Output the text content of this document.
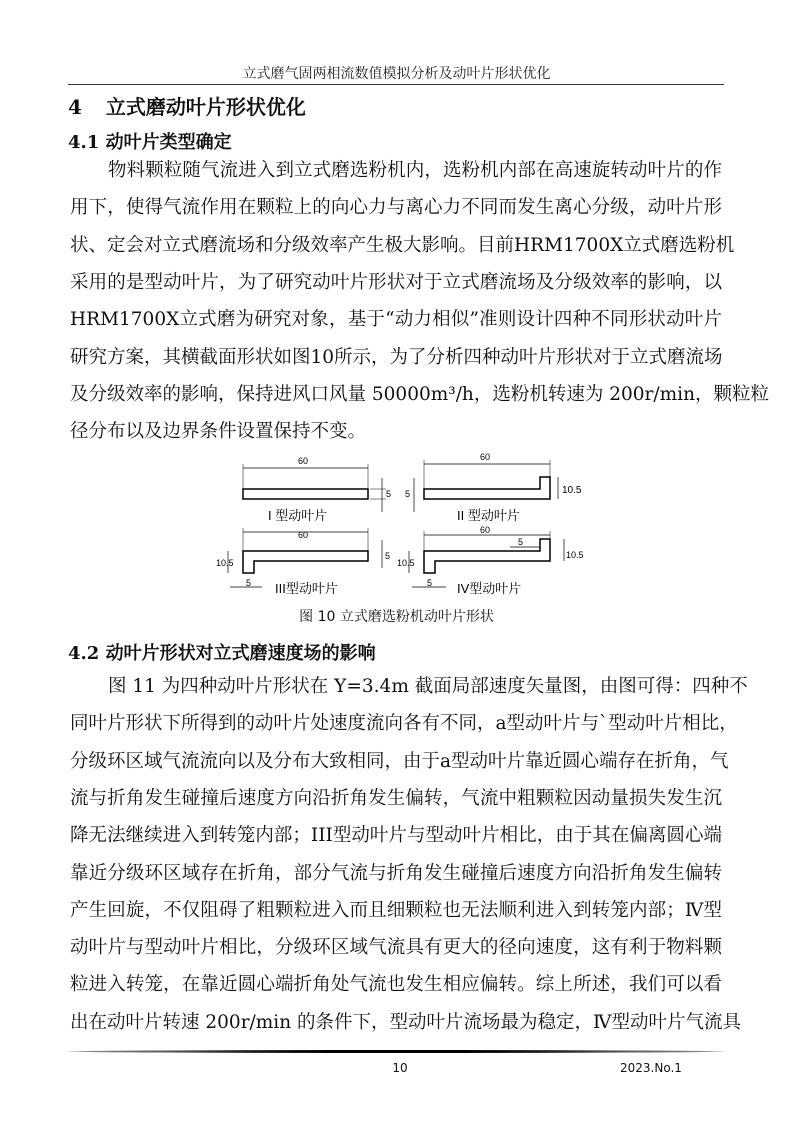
立式磨气固两相流数值模拟分析及动叶片形状优化
4 立式磨动叶片形状优化
4.1 动叶片类型确定
物料颗粒随气流进入到立式磨选粉机内，选粉机内部在高速旋转动叶片的作
用下，使得气流作用在颗粒上的向心力与离心力不同而发生离心分级，动叶片形
状、定会对立式磨流场和分级效率产生极大影响。目前HRM1700X立式磨选粉机
采用的是型动叶片，为了研究动叶片形状对于立式磨流场及分级效率的影响，以
HRM1700X立式磨为研究对象，基于“动力相似”准则设计四种不同形状动叶片
研究方案，其横截面形状如图10所示，为了分析四种动叶片形状对于立式磨流场
及分级效率的影响，保持进风口风量 50000m³/h，选粉机转速为 200r/min，颗粒粒
径分布以及边界条件设置保持不变。
60
5
I 型动叶片
60
5	10.5
II 型动叶片
60
10.5
5
5 III型动叶片
60
5
10.5
10.5
5 IV型动叶片
图 10 立式磨选粉机动叶片形状
4.2 动叶片形状对立式磨速度场的影响
图 11 为四种动叶片形状在 Y=3.4m 截面局部速度矢量图，由图可得：四种不
同叶片形状下所得到的动叶片处速度流向各有不同，a型动叶片与`型动叶片相比，
分级环区域气流流向以及分布大致相同，由于a型动叶片靠近圆心端存在折角，气
流与折角发生碰撞后速度方向沿折角发生偏转，气流中粗颗粒因动量损失发生沉
降无法继续进入到转笼内部；III型动叶片与型动叶片相比，由于其在偏离圆心端
靠近分级环区域存在折角，部分气流与折角发生碰撞后速度方向沿折角发生偏转
产生回旋，不仅阻碍了粗颗粒进入而且细颗粒也无法顺利进入到转笼内部；Ⅳ型
动叶片与型动叶片相比，分级环区域气流具有更大的径向速度，这有利于物料颗
粒进入转笼，在靠近圆心端折角处气流也发生相应偏转。综上所述，我们可以看
出在动叶片转速 200r/min 的条件下，型动叶片流场最为稳定，Ⅳ型动叶片气流具
10	2023.No.1
